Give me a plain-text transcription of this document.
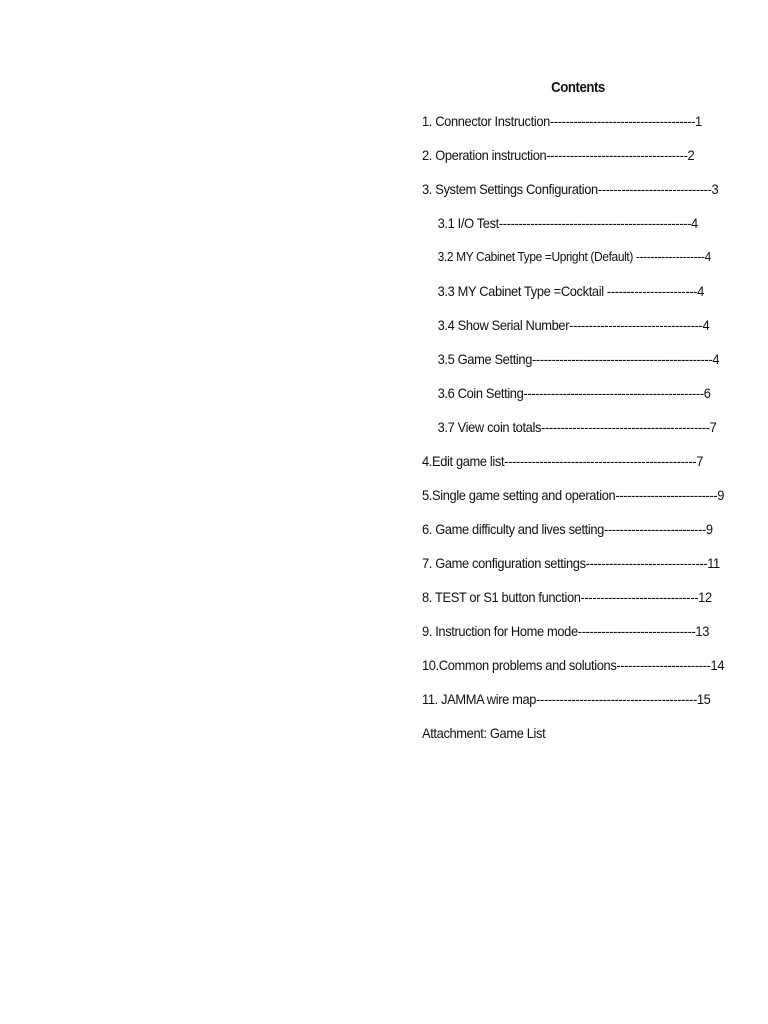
Contents
1. Connector Instruction-------------------------------------1
2. Operation instruction------------------------------------2
3. System Settings Configuration-----------------------------3
3.1 I/O Test-------------------------------------------------4
3.2 MY Cabinet Type =Upright (Default) -------------------4
3.3 MY Cabinet Type =Cocktail -----------------------4
3.4 Show Serial Number----------------------------------4
3.5 Game Setting----------------------------------------------4
3.6 Coin Setting----------------------------------------------6
3.7 View coin totals-------------------------------------------7
4.Edit game list-------------------------------------------------7
5.Single game setting and operation--------------------------9
6. Game difficulty and lives setting--------------------------9
7. Game configuration settings-------------------------------11
8. TEST or S1 button function------------------------------12
9. Instruction for Home mode------------------------------13
10.Common problems and solutions------------------------14
11. JAMMA wire map-----------------------------------------15
Attachment: Game List
